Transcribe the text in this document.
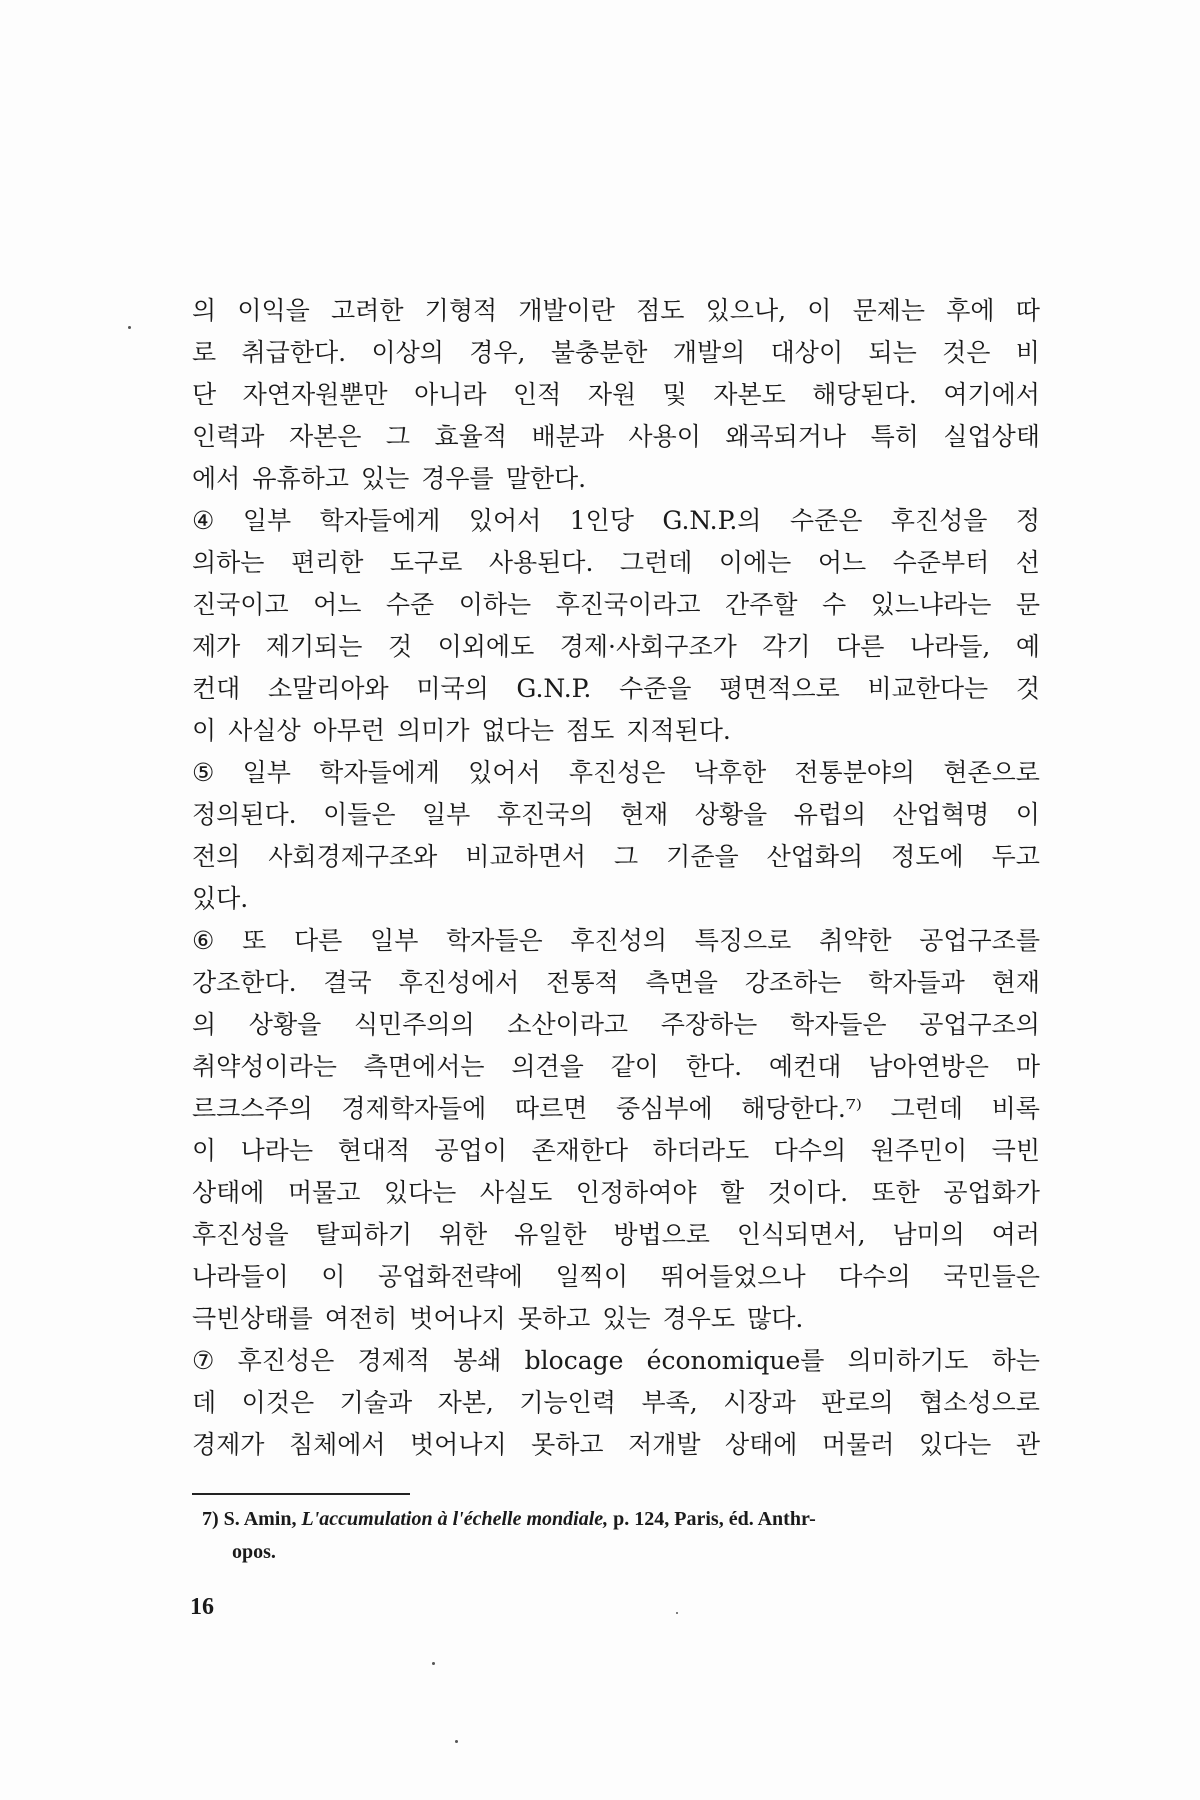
의 이익을 고려한 기형적 개발이란 점도 있으나, 이 문제는 후에 따
로 취급한다. 이상의 경우, 불충분한 개발의 대상이 되는 것은 비
단 자연자원뿐만 아니라 인적 자원 및 자본도 해당된다. 여기에서
인력과 자본은 그 효율적 배분과 사용이 왜곡되거나 특히 실업상태
에서 유휴하고 있는 경우를 말한다.
④ 일부 학자들에게 있어서 1인당 G.N.P.의 수준은 후진성을 정
의하는 편리한 도구로 사용된다. 그런데 이에는 어느 수준부터 선
진국이고 어느 수준 이하는 후진국이라고 간주할 수 있느냐라는 문
제가 제기되는 것 이외에도 경제·사회구조가 각기 다른 나라들, 예
컨대 소말리아와 미국의 G.N.P. 수준을 평면적으로 비교한다는 것
이 사실상 아무런 의미가 없다는 점도 지적된다.
⑤ 일부 학자들에게 있어서 후진성은 낙후한 전통분야의 현존으로
정의된다. 이들은 일부 후진국의 현재 상황을 유럽의 산업혁명 이
전의 사회경제구조와 비교하면서 그 기준을 산업화의 정도에 두고
있다.
⑥ 또 다른 일부 학자들은 후진성의 특징으로 취약한 공업구조를
강조한다. 결국 후진성에서 전통적 측면을 강조하는 학자들과 현재
의 상황을 식민주의의 소산이라고 주장하는 학자들은 공업구조의
취약성이라는 측면에서는 의견을 같이 한다. 예컨대 남아연방은 마
르크스주의 경제학자들에 따르면 중심부에 해당한다.⁷⁾ 그런데 비록
이 나라는 현대적 공업이 존재한다 하더라도 다수의 원주민이 극빈
상태에 머물고 있다는 사실도 인정하여야 할 것이다. 또한 공업화가
후진성을 탈피하기 위한 유일한 방법으로 인식되면서, 남미의 여러
나라들이 이 공업화전략에 일찍이 뛰어들었으나 다수의 국민들은
극빈상태를 여전히 벗어나지 못하고 있는 경우도 많다.
⑦ 후진성은 경제적 봉쇄 blocage économique를 의미하기도 하는
데 이것은 기술과 자본, 기능인력 부족, 시장과 판로의 협소성으로
경제가 침체에서 벗어나지 못하고 저개발 상태에 머물러 있다는 관
7) S. Amin, L'accumulation à l'échelle mondiale, p. 124, Paris, éd. Anthr-
opos.
16
